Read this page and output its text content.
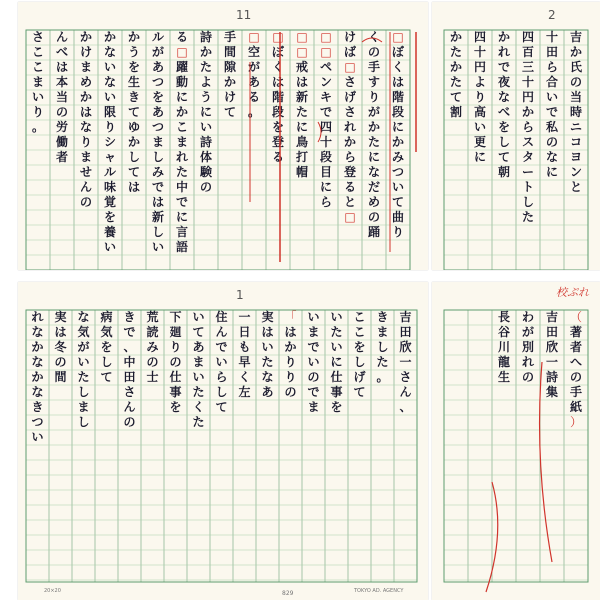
11
□
ぼ
く
は
階
段
に
か
み
つ
い
て
曲
り
く
の
手
す
り
が
か
た
に
な
だ
め
の
踊
け
ば
□
さ
げ
さ
れ
か
ら
登
る
と
□
□
□
ペ
ン
キ
で
四
十
段
目
に
ら
□
□
戒
は
新
た
に
鳥
打
帽
□
ぼ
く
は
階
段
を
登
る
□
空
が
あ
る
。
手
間
隙
か
け
て
詩
か
た
よ
う
に
い
詩
体
験
の
る
□
躍
動
に
か
こ
ま
れ
た
中
で
に
言
語
ル
が
あ
つ
を
あ
つ
ま
し
み
で
は
新
し
い
か
う
を
生
き
て
ゆ
か
し
て
は
か
な
い
な
い
限
り
シ
ャ
ル
味
覚
を
養
い
か
け
ま
め
か
は
な
り
ま
せ
ん
の
ん
べ
は
本
当
の
労
働
者
さ
こ
こ
ま
い
り
。
2
吉
か
氏
の
当
時
ニ
コ
ヨ
ン
と
十
田
ら
合
い
で
私
の
な
に
四
百
三
十
円
か
ら
ス
タ
ー
ト
し
た
か
れ
で
夜
な
べ
を
し
て
朝
四
十
円
よ
り
高
い
更
に
か
た
か
た
て
割
1
吉
田
欣
一
さ
ん
、
き
ま
し
た
。
こ
こ
を
し
げ
て
い
た
い
に
仕
事
を
い
ま
で
い
の
で
ま
「
は
か
り
り
の
実
は
い
た
な
あ
一
日
も
早
く
左
住
ん
で
い
ら
し
て
い
て
あ
ま
い
た
く
た
下
廻
り
の
仕
事
を
荒
読
み
の
士
き
で
、
中
田
さ
ん
の
病
気
を
し
て
な
気
が
い
た
し
ま
し
実
は
冬
の
間
れ
な
か
な
か
な
き
つ
い
20×20	TOKYO AD. AGENCY
（
著
者
へ
の
手
紙
）
吉
田
欣
一
詩
集
わ
が
別
れ
の
長
谷
川
龍
生
校ぷれ
829
